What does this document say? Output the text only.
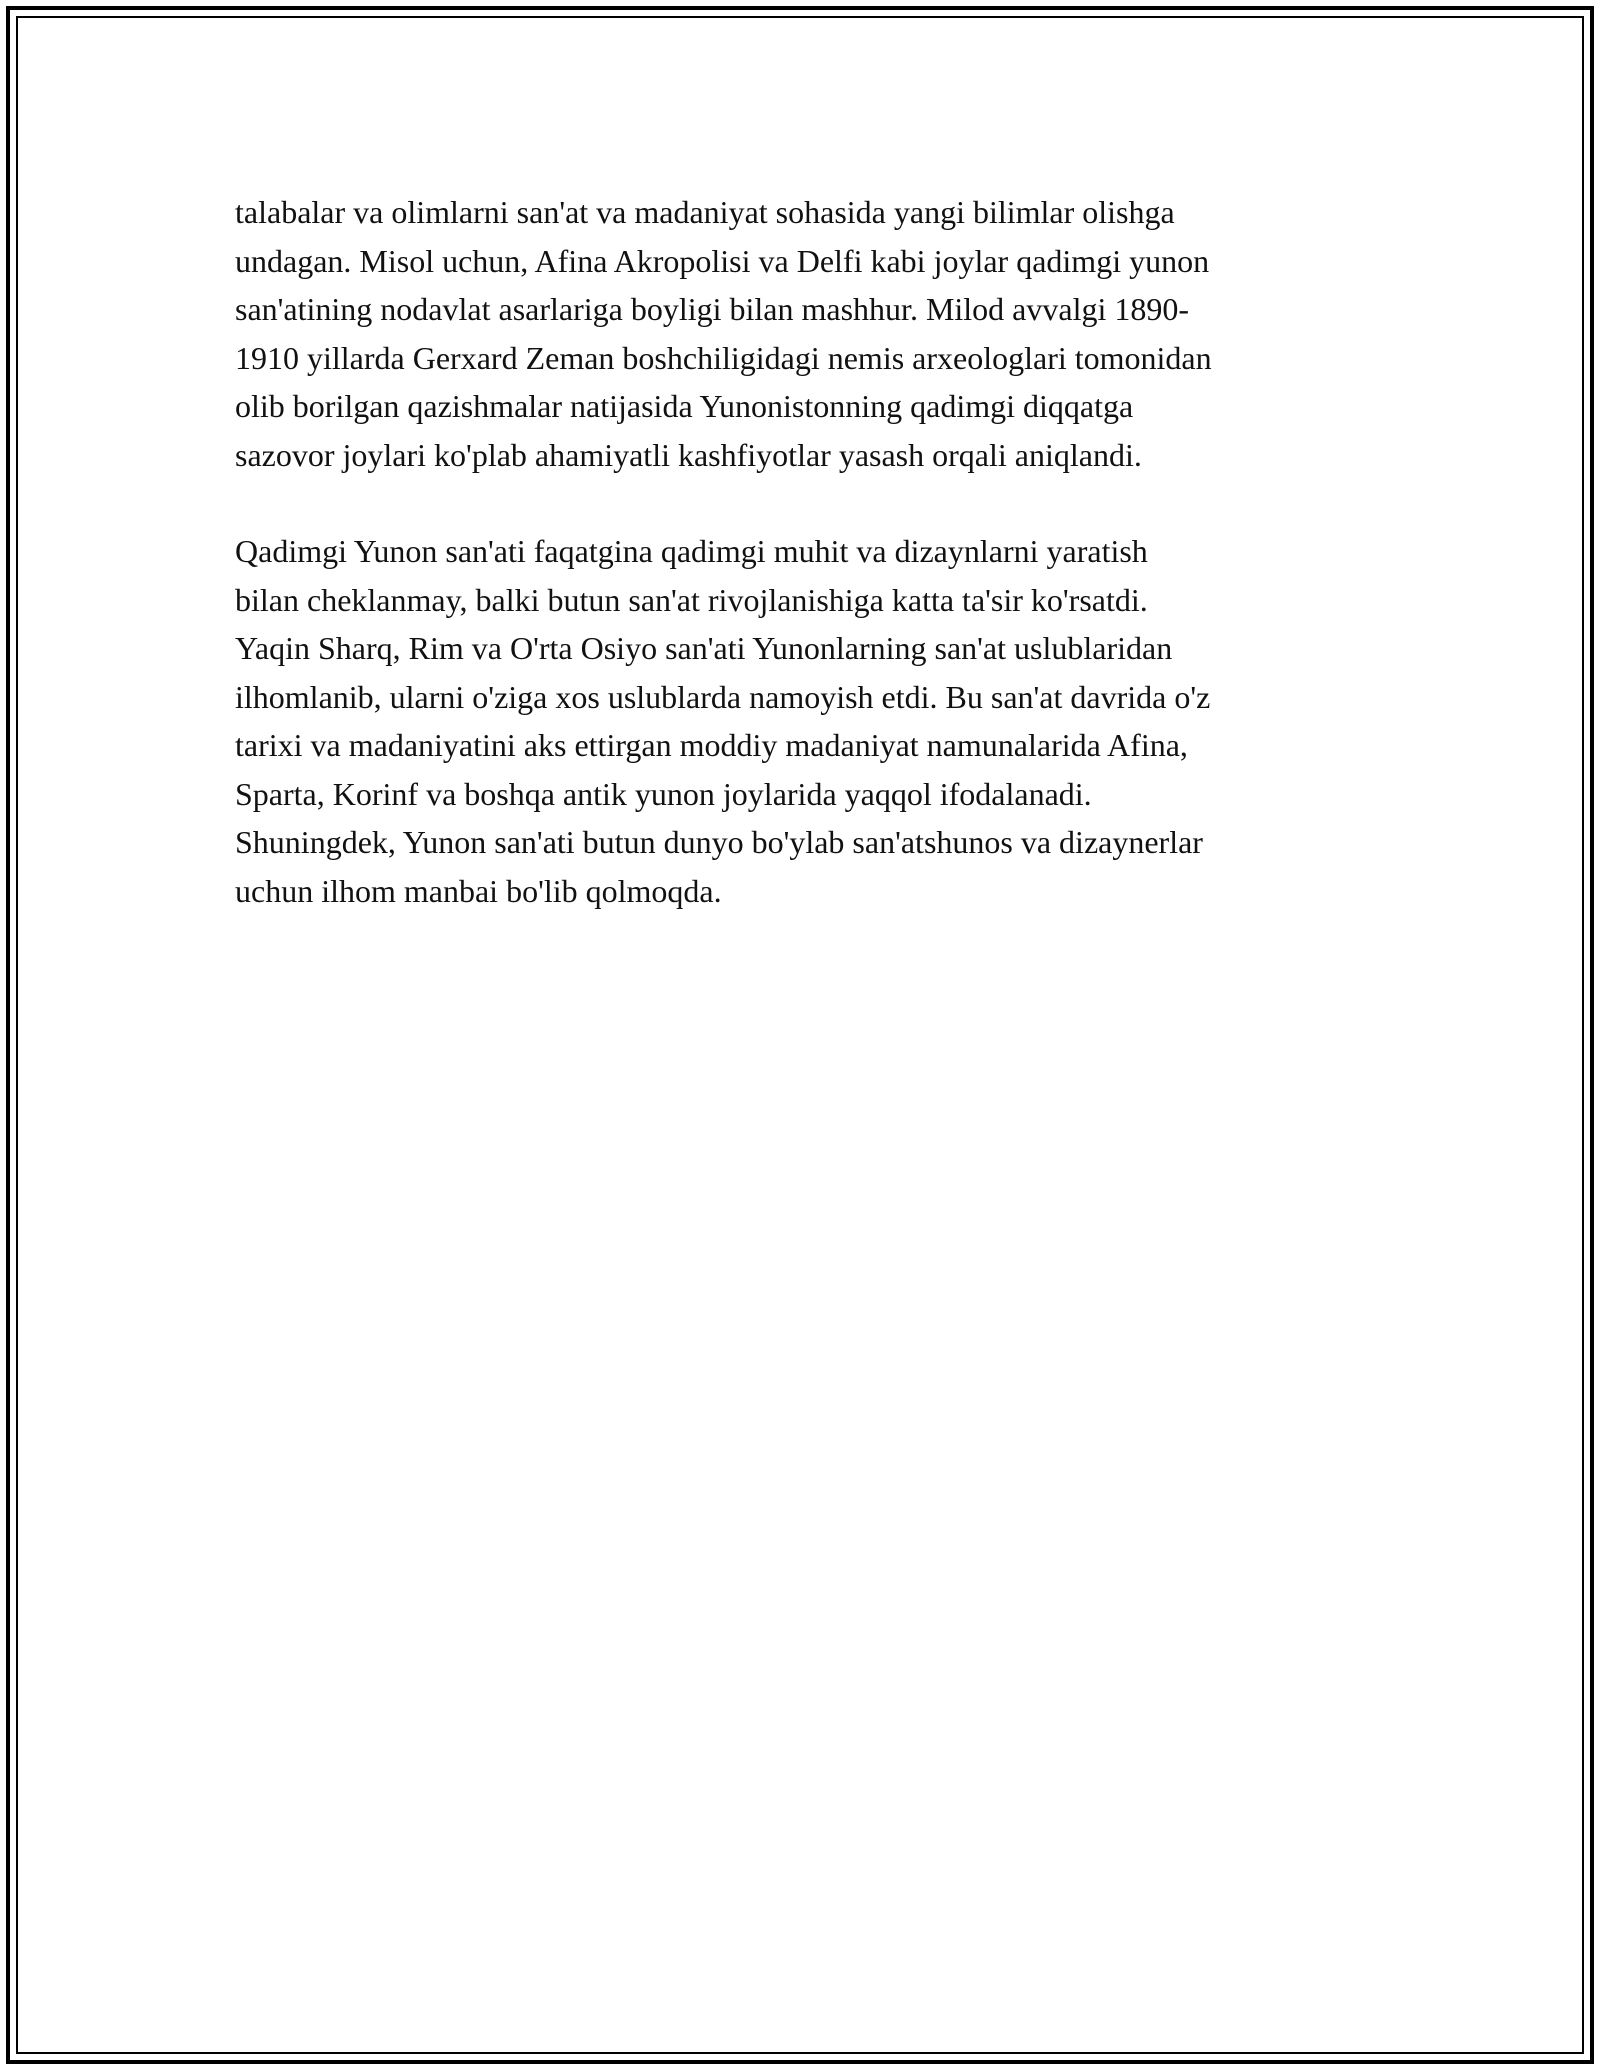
talabalar va olimlarni san'at va madaniyat sohasida yangi bilimlar olishga
undagan. Misol uchun, Afina Akropolisi va Delfi kabi joylar qadimgi yunon
san'atining nodavlat asarlariga boyligi bilan mashhur. Milod avvalgi 1890-
1910 yillarda Gerxard Zeman boshchiligidagi nemis arxeologlari tomonidan
olib borilgan qazishmalar natijasida Yunonistonning qadimgi diqqatga
sazovor joylari ko'plab ahamiyatli kashfiyotlar yasash orqali aniqlandi.

Qadimgi Yunon san'ati faqatgina qadimgi muhit va dizaynlarni yaratish
bilan cheklanmay, balki butun san'at rivojlanishiga katta ta'sir ko'rsatdi.
Yaqin Sharq, Rim va O'rta Osiyo san'ati Yunonlarning san'at uslublaridan
ilhomlanib, ularni o'ziga xos uslublarda namoyish etdi. Bu san'at davrida o'z
tarixi va madaniyatini aks ettirgan moddiy madaniyat namunalarida Afina,
Sparta, Korinf va boshqa antik yunon joylarida yaqqol ifodalanadi.
Shuningdek, Yunon san'ati butun dunyo bo'ylab san'atshunos va dizaynerlar
uchun ilhom manbai bo'lib qolmoqda.
